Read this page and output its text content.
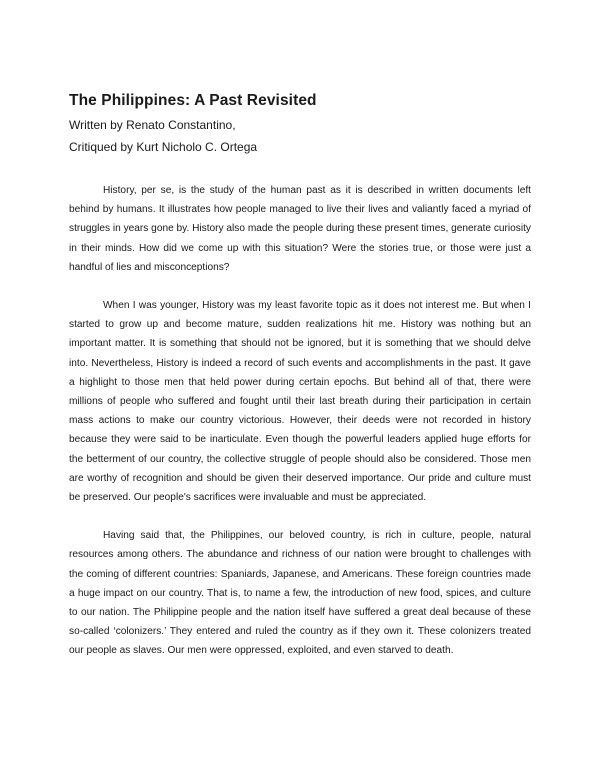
The Philippines: A Past Revisited

Written by Renato Constantino,

Critiqued by Kurt Nicholo C. Ortega

History, per se, is the study of the human past as it is described in written documents left behind by humans. It illustrates how people managed to live their lives and valiantly faced a myriad of struggles in years gone by. History also made the people during these present times, generate curiosity in their minds. How did we come up with this situation? Were the stories true, or those were just a handful of lies and misconceptions?

When I was younger, History was my least favorite topic as it does not interest me. But when I started to grow up and become mature, sudden realizations hit me. History was nothing but an important matter. It is something that should not be ignored, but it is something that we should delve into. Nevertheless, History is indeed a record of such events and accomplishments in the past. It gave a highlight to those men that held power during certain epochs. But behind all of that, there were millions of people who suffered and fought until their last breath during their participation in certain mass actions to make our country victorious. However, their deeds were not recorded in history because they were said to be inarticulate. Even though the powerful leaders applied huge efforts for the betterment of our country, the collective struggle of people should also be considered. Those men are worthy of recognition and should be given their deserved importance. Our pride and culture must be preserved. Our people's sacrifices were invaluable and must be appreciated.

Having said that, the Philippines, our beloved country, is rich in culture, people, natural resources among others. The abundance and richness of our nation were brought to challenges with the coming of different countries: Spaniards, Japanese, and Americans. These foreign countries made a huge impact on our country. That is, to name a few, the introduction of new food, spices, and culture to our nation. The Philippine people and the nation itself have suffered a great deal because of these so-called ‘colonizers.’ They entered and ruled the country as if they own it. These colonizers treated our people as slaves. Our men were oppressed, exploited, and even starved to death.
